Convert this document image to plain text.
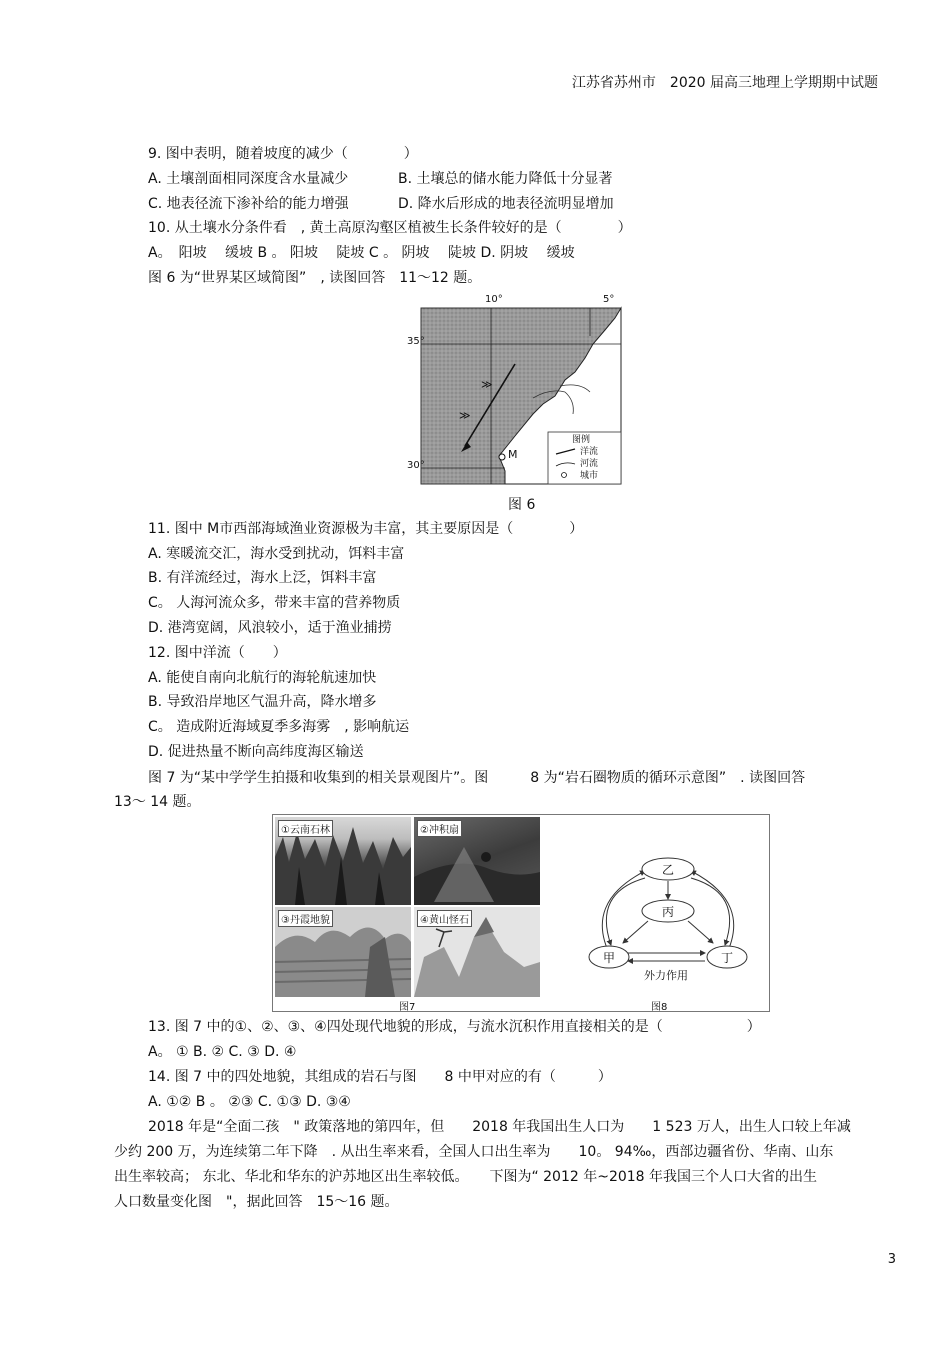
江苏省苏州市　2020 届高三地理上学期期中试题
9. 图中表明，随着坡度的减少（　　　　）
A. 土壤剖面相同深度含水量减少	B. 土壤总的储水能力降低十分显著
C. 地表径流下渗补给的能力增强	D. 降水后形成的地表径流明显增加
10. 从土壤水分条件看　, 黄土高原沟壑区植被生长条件较好的是（　　　　）
A。　阳坡　 缓坡 B 。 阳坡　 陡坡 C 。 阴坡　 陡坡 D. 阴坡　 缓坡
图 6 为“世界某区域简图”　, 读图回答　11～12 题。
≫
≫
M
图例
洋流
河流
城市
10°	5°
35°
30°
图 6
11. 图中 M市西部海域渔业资源极为丰富，其主要原因是（　　　　）
A. 寒暖流交汇，海水受到扰动，饵料丰富
B. 有洋流经过，海水上泛，饵料丰富
C。 人海河流众多，带来丰富的营养物质
D. 港湾宽阔，风浪较小，适于渔业捕捞
12. 图中洋流（　　）
A. 能使自南向北航行的海轮航速加快
B. 导致沿岸地区气温升高，降水增多
C。 造成附近海域夏季多海雾　, 影响航运
D. 促进热量不断向高纬度海区输送
图 7 为“某中学学生拍摄和收集到的相关景观图片”。图　　　8 为“岩石圈物质的循环示意图”　. 读图回答
13～ 14 题。
①云南石林	②冲积扇
③丹霞地貌	④黄山怪石
图7
乙
丙
甲	丁
外力作用
图8
13. 图 7 中的①、②、③、④四处现代地貌的形成，与流水沉积作用直接相关的是（　　　　　　）
A。 ① B. ② C. ③ D. ④
14. 图 7 中的四处地貌，其组成的岩石与图　　8 中甲对应的有（　　　）
A. ①② B 。 ②③ C. ①③ D. ③④
2018 年是“全面二孩　" 政策落地的第四年，但　　2018 年我国出生人口为　　1 523 万人，出生人口较上年减
少约 200 万，为连续第二年下降　. 从出生率来看，全国人口出生率为　　10。 94‰，西部边疆省份、华南、山东
出生率较高； 东北、华北和华东的沪苏地区出生率较低。　　下图为“ 2012 年~2018 年我国三个人口大省的出生
人口数量变化图　"，据此回答　15～16 题。
3
